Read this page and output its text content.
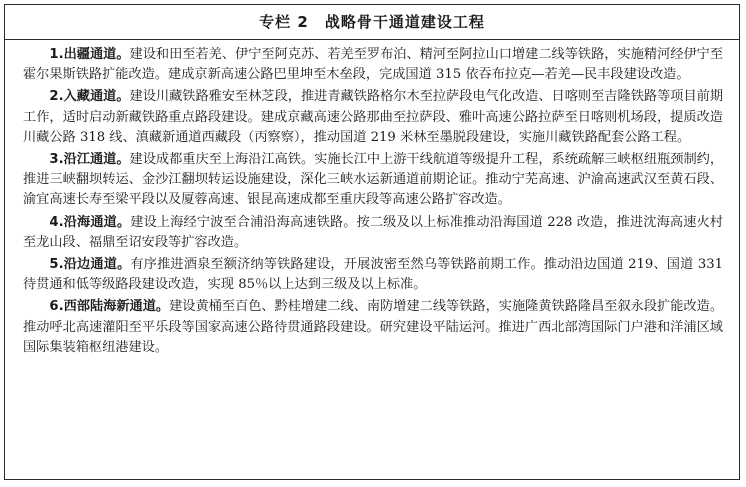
专栏 2　战略骨干通道建设工程

1.出疆通道。建设和田至若羌、伊宁至阿克苏、若羌至罗布泊、精河至阿拉山口增建二线等铁路，实施精河经伊宁至霍尔果斯铁路扩能改造。建成京新高速公路巴里坤至木垒段，完成国道 315 依吞布拉克—若羌—民丰段建设改造。

2.入藏通道。建设川藏铁路雅安至林芝段，推进青藏铁路格尔木至拉萨段电气化改造、日喀则至吉隆铁路等项目前期工作，适时启动新藏铁路重点路段建设。建成京藏高速公路那曲至拉萨段、雅叶高速公路拉萨至日喀则机场段，提质改造川藏公路 318 线、滇藏新通道西藏段（丙察察），推动国道 219 米林至墨脱段建设，实施川藏铁路配套公路工程。

3.沿江通道。建设成都重庆至上海沿江高铁。实施长江中上游干线航道等级提升工程，系统疏解三峡枢纽瓶颈制约，推进三峡翻坝转运、金沙江翻坝转运设施建设，深化三峡水运新通道前期论证。推动宁芜高速、沪渝高速武汉至黄石段、渝宜高速长寿至梁平段以及厦蓉高速、银昆高速成都至重庆段等高速公路扩容改造。

4.沿海通道。建设上海经宁波至合浦沿海高速铁路。按二级及以上标准推动沿海国道 228 改造，推进沈海高速火村至龙山段、福鼎至诏安段等扩容改造。

5.沿边通道。有序推进酒泉至额济纳等铁路建设，开展波密至然乌等铁路前期工作。推动沿边国道 219、国道 331 待贯通和低等级路段建设改造，实现 85％以上达到三级及以上标准。

6.西部陆海新通道。建设黄桶至百色、黔桂增建二线、南防增建二线等铁路，实施隆黄铁路隆昌至叙永段扩能改造。推动呼北高速灌阳至平乐段等国家高速公路待贯通路段建设。研究建设平陆运河。推进广西北部湾国际门户港和洋浦区域国际集装箱枢纽港建设。
